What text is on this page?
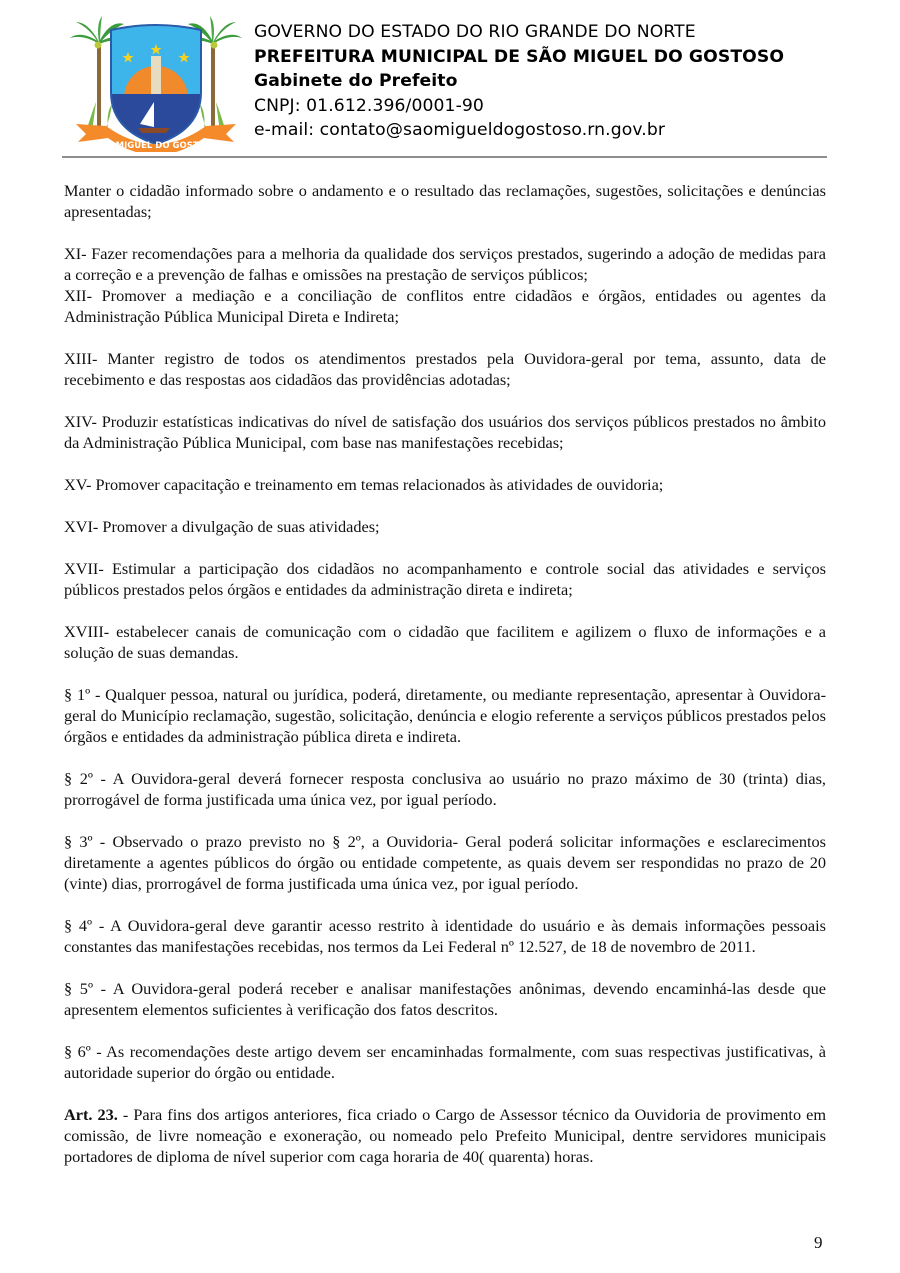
SÃO MIGUEL DO GOSTOSO
GOVERNO DO ESTADO DO RIO GRANDE DO NORTE
PREFEITURA MUNICIPAL DE SÃO MIGUEL DO GOSTOSO
Gabinete do Prefeito
CNPJ: 01.612.396/0001-90
e-mail: contato@saomigueldogostoso.rn.gov.br

Manter o cidadão informado sobre o andamento e o resultado das reclamações, sugestões, solicitações e denúncias apresentadas;

XI- Fazer recomendações para a melhoria da qualidade dos serviços prestados, sugerindo a adoção de medidas para a correção e a prevenção de falhas e omissões na prestação de serviços públicos;

XII- Promover a mediação e a conciliação de conflitos entre cidadãos e órgãos, entidades ou agentes da Administração Pública Municipal Direta e Indireta;

XIII- Manter registro de todos os atendimentos prestados pela Ouvidora-geral por tema, assunto, data de recebimento e das respostas aos cidadãos das providências adotadas;

XIV- Produzir estatísticas indicativas do nível de satisfação dos usuários dos serviços públicos prestados no âmbito da Administração Pública Municipal, com base nas manifestações recebidas;

XV- Promover capacitação e treinamento em temas relacionados às atividades de ouvidoria;

XVI- Promover a divulgação de suas atividades;

XVII- Estimular a participação dos cidadãos no acompanhamento e controle social das atividades e serviços públicos prestados pelos órgãos e entidades da administração direta e indireta;

XVIII- estabelecer canais de comunicação com o cidadão que facilitem e agilizem o fluxo de informações e a solução de suas demandas.

§ 1º - Qualquer pessoa, natural ou jurídica, poderá, diretamente, ou mediante representação, apresentar à Ouvidora-geral do Município reclamação, sugestão, solicitação, denúncia e elogio referente a serviços públicos prestados pelos órgãos e entidades da administração pública direta e indireta.

§ 2º - A Ouvidora-geral deverá fornecer resposta conclusiva ao usuário no prazo máximo de 30 (trinta) dias, prorrogável de forma justificada uma única vez, por igual período.

§ 3º - Observado o prazo previsto no § 2º, a Ouvidoria- Geral poderá solicitar informações e esclarecimentos diretamente a agentes públicos do órgão ou entidade competente, as quais devem ser respondidas no prazo de 20 (vinte) dias, prorrogável de forma justificada uma única vez, por igual período.

§ 4º - A Ouvidora-geral deve garantir acesso restrito à identidade do usuário e às demais informações pessoais constantes das manifestações recebidas, nos termos da Lei Federal nº 12.527, de 18 de novembro de 2011.

§ 5º - A Ouvidora-geral poderá receber e analisar manifestações anônimas, devendo encaminhá-las desde que apresentem elementos suficientes à verificação dos fatos descritos.

§ 6º - As recomendações deste artigo devem ser encaminhadas formalmente, com suas respectivas justificativas, à autoridade superior do órgão ou entidade.

Art. 23. - Para fins dos artigos anteriores, fica criado o Cargo de Assessor técnico da Ouvidoria de provimento em comissão, de livre nomeação e exoneração, ou nomeado pelo Prefeito Municipal, dentre servidores municipais portadores de diploma de nível superior com caga horaria de 40( quarenta) horas.

9
